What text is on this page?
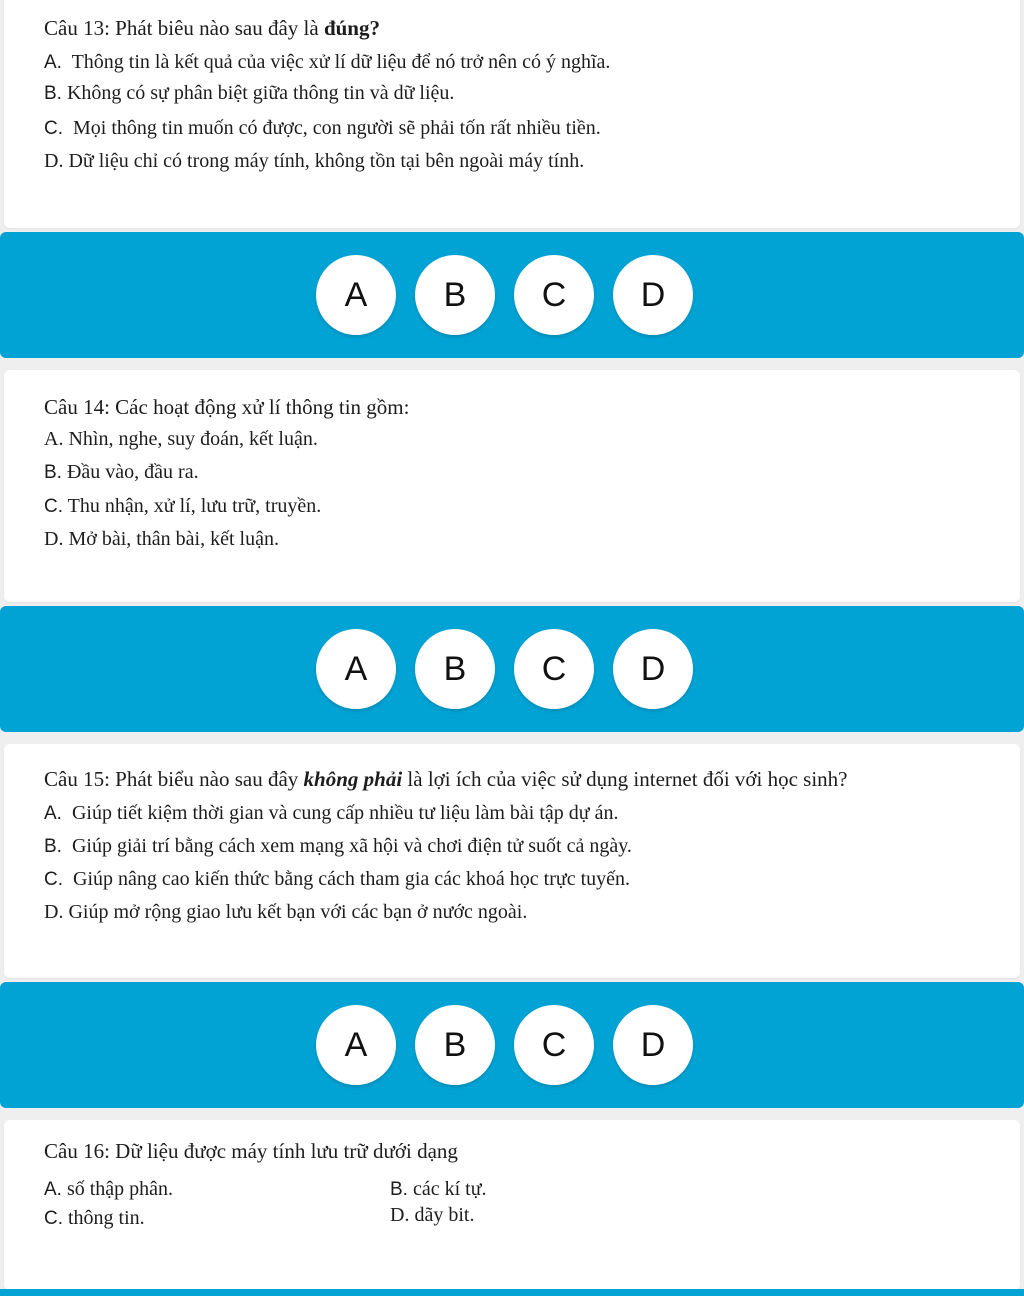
Câu 13: Phát biêu nào sau đây là đúng?

A. Thông tin là kết quả của việc xử lí dữ liệu để nó trở nên có ý nghĩa.

B. Không có sự phân biệt giữa thông tin và dữ liệu.

C. Mọi thông tin muốn có được, con người sẽ phải tốn rất nhiều tiền.

D. Dữ liệu chỉ có trong máy tính, không tồn tại bên ngoài máy tính.

A	B	C	D

Câu 14: Các hoạt động xử lí thông tin gồm:

A. Nhìn, nghe, suy đoán, kết luận.

B. Đầu vào, đầu ra.

C. Thu nhận, xử lí, lưu trữ, truyền.

D. Mở bài, thân bài, kết luận.

A	B	C	D

Câu 15: Phát biểu nào sau đây không phải là lợi ích của việc sử dụng internet đối với học sinh?

A. Giúp tiết kiệm thời gian và cung cấp nhiều tư liệu làm bài tập dự án.

B. Giúp giải trí bằng cách xem mạng xã hội và chơi điện tử suốt cả ngày.

C. Giúp nâng cao kiến thức bằng cách tham gia các khoá học trực tuyến.

D. Giúp mở rộng giao lưu kết bạn với các bạn ở nước ngoài.

A	B	C	D

Câu 16: Dữ liệu được máy tính lưu trữ dưới dạng

A. số thập phân.	B. các kí tự.

C. thông tin.	D. dãy bit.
